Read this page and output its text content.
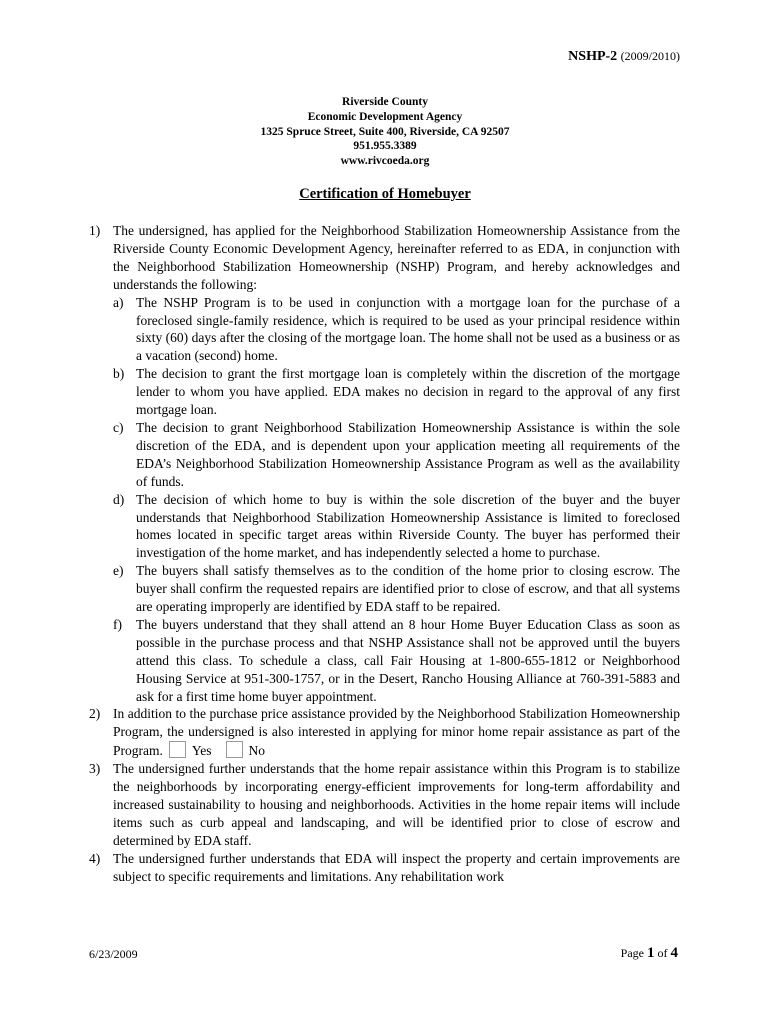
NSHP-2 (2009/2010)
Riverside County
Economic Development Agency
1325 Spruce Street, Suite 400, Riverside, CA 92507
951.955.3389
www.rivcoeda.org
Certification of Homebuyer
1) The undersigned, has applied for the Neighborhood Stabilization Homeownership Assistance from the Riverside County Economic Development Agency, hereinafter referred to as EDA, in conjunction with the Neighborhood Stabilization Homeownership (NSHP) Program, and hereby acknowledges and understands the following:
a) The NSHP Program is to be used in conjunction with a mortgage loan for the purchase of a foreclosed single-family residence, which is required to be used as your principal residence within sixty (60) days after the closing of the mortgage loan. The home shall not be used as a business or as a vacation (second) home.
b) The decision to grant the first mortgage loan is completely within the discretion of the mortgage lender to whom you have applied. EDA makes no decision in regard to the approval of any first mortgage loan.
c) The decision to grant Neighborhood Stabilization Homeownership Assistance is within the sole discretion of the EDA, and is dependent upon your application meeting all requirements of the EDA’s Neighborhood Stabilization Homeownership Assistance Program as well as the availability of funds.
d) The decision of which home to buy is within the sole discretion of the buyer and the buyer understands that Neighborhood Stabilization Homeownership Assistance is limited to foreclosed homes located in specific target areas within Riverside County. The buyer has performed their investigation of the home market, and has independently selected a home to purchase.
e) The buyers shall satisfy themselves as to the condition of the home prior to closing escrow. The buyer shall confirm the requested repairs are identified prior to close of escrow, and that all systems are operating improperly are identified by EDA staff to be repaired.
f) The buyers understand that they shall attend an 8 hour Home Buyer Education Class as soon as possible in the purchase process and that NSHP Assistance shall not be approved until the buyers attend this class. To schedule a class, call Fair Housing at 1-800-655-1812 or Neighborhood Housing Service at 951-300-1757, or in the Desert, Rancho Housing Alliance at 760-391-5883 and ask for a first time home buyer appointment.
2) In addition to the purchase price assistance provided by the Neighborhood Stabilization Homeownership Program, the undersigned is also interested in applying for minor home repair assistance as part of the Program. Yes	No
3) The undersigned further understands that the home repair assistance within this Program is to stabilize the neighborhoods by incorporating energy-efficient improvements for long-term affordability and increased sustainability to housing and neighborhoods. Activities in the home repair items will include items such as curb appeal and landscaping, and will be identified prior to close of escrow and determined by EDA staff.
4) The undersigned further understands that EDA will inspect the property and certain improvements are subject to specific requirements and limitations. Any rehabilitation work
6/23/2009	Page 1 of 4
